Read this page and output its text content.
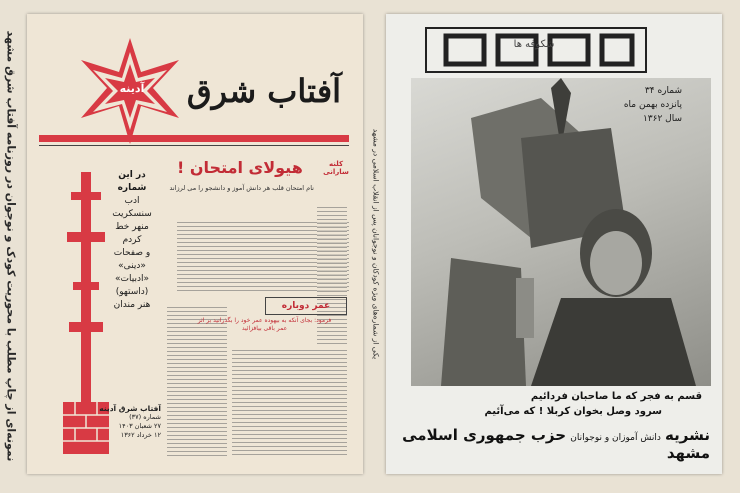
نمونه‌ای از چاپ مطلب با محوریت کودک و نوجوان در روزنامه آفتاب شرق مشهد	آدینه	آفتاب شرق
کلنه سارانی
هیولای امتحان !
نام امتحان قلب هر دانش آموز و دانشجو را می لرزاند
در این شماره
ادب
سنسکریت
منهر خط
کردم
و صفحات
«دینی»
«ادبیات»
(داستهو)
هنر مندان	عمر دوباره
فرمود: بجای آنکه به بیهوده عمر خود را بگذرانید بر اثر عمر باقی بیافزائید
آفتاب شرق آدینه
شماره (۳۷)
۲۷ شعبان ۱۴۰۳
۱۲ خرداد ۱۳۶۲
یکی از شماره‌های ویژه کودکان و نوجوانان پس از انقلاب اسلامی در مشهد
شکوفه ها
شماره ۳۴
پانزده بهمن ماه
سال ۱۳۶۲
قسم به فجر که ما صاحبان فردائیم
سرود وصل بخوان کربلا ! که می‌آئیم
نشریه دانش آموزان و نوجوانان حزب جمهوری اسلامی مشهد
